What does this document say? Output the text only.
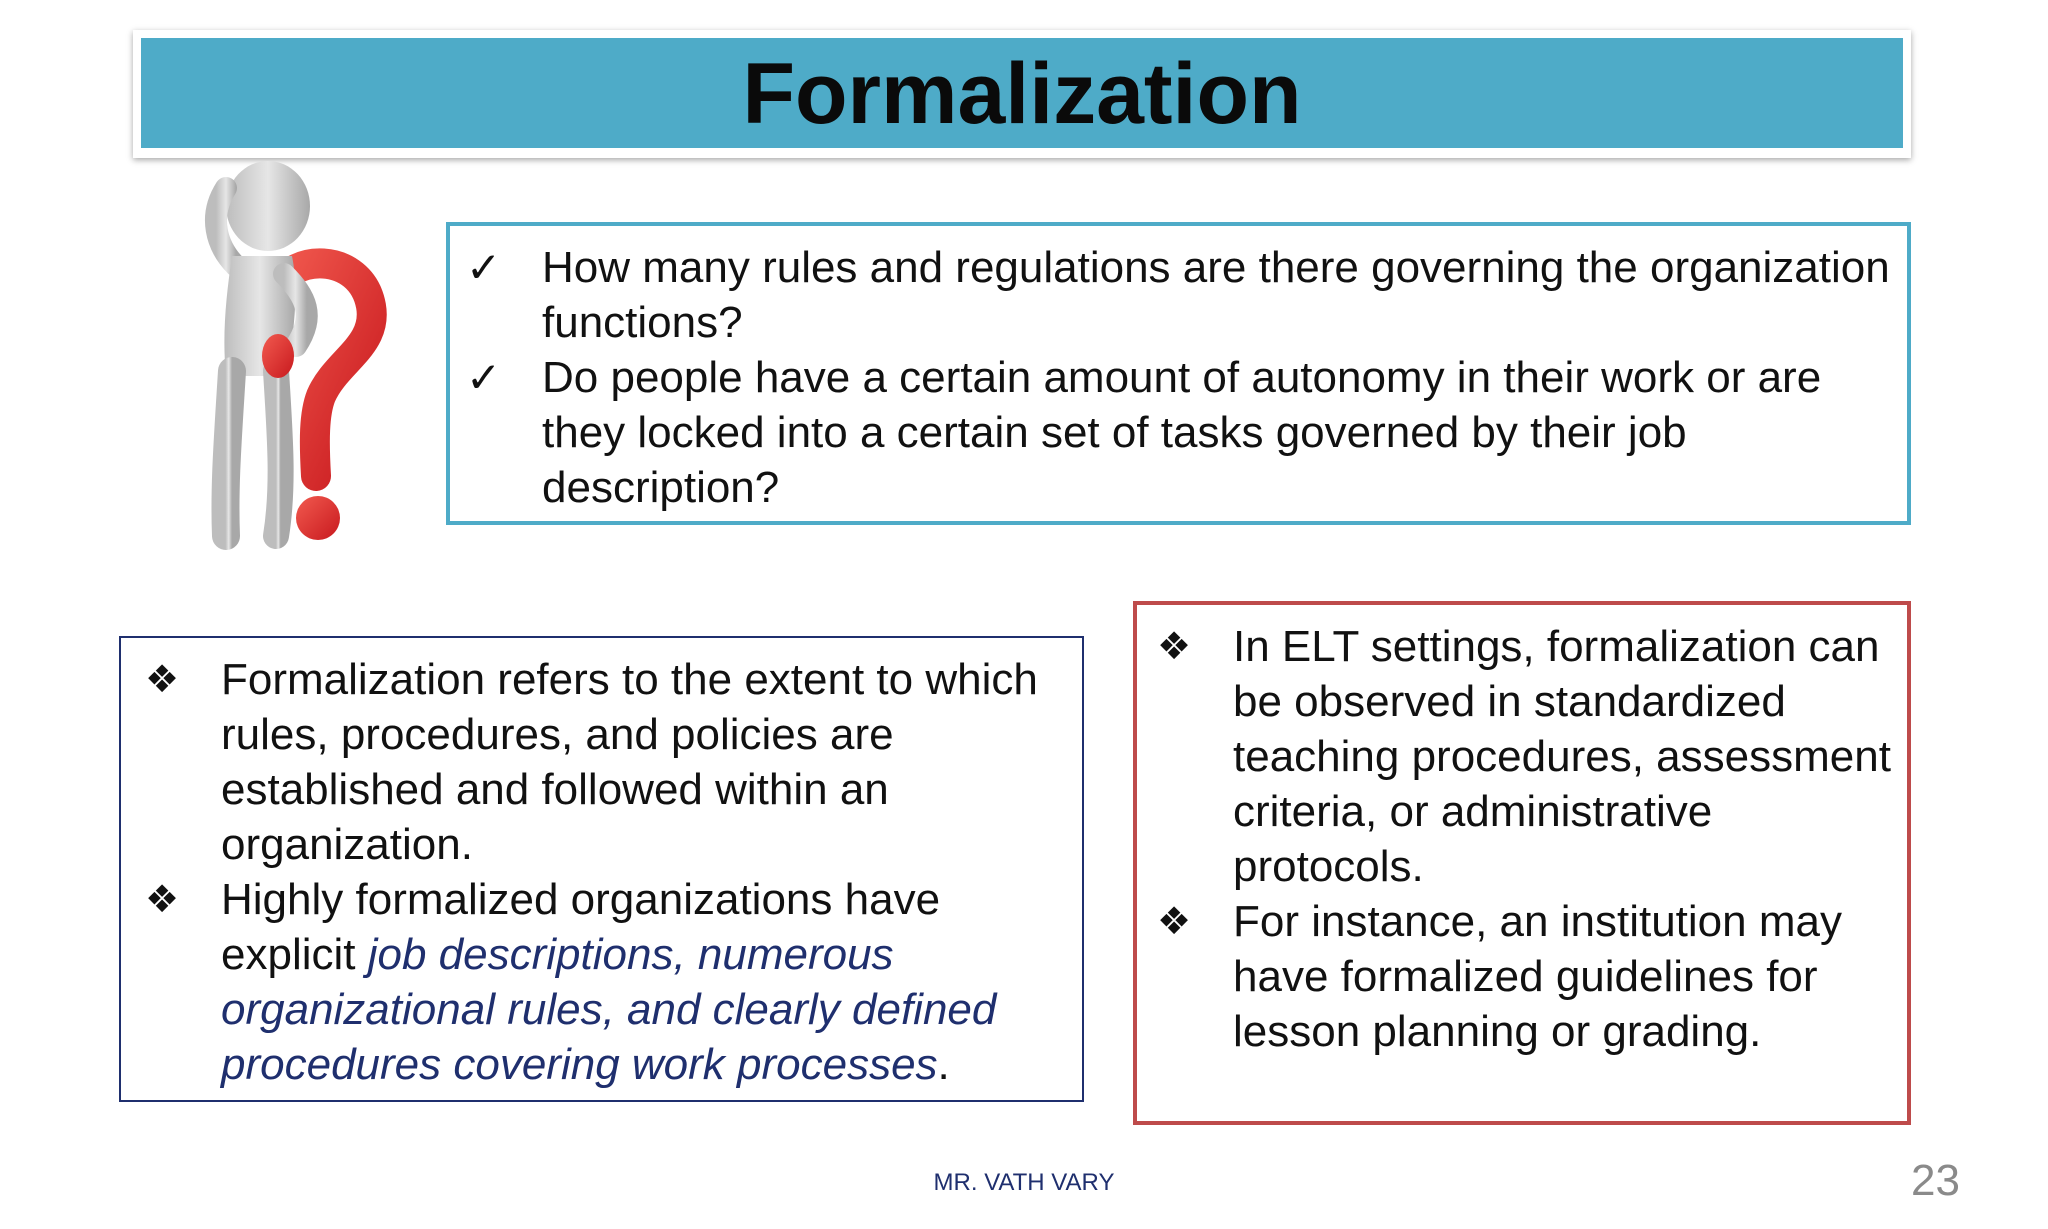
Formalization
✓ How many rules and regulations are there governing the organization functions?
✓ Do people have a certain amount of autonomy in their work or are they locked into a certain set of tasks governed by their job description?
❖ Formalization refers to the extent to which rules, procedures, and policies are established and followed within an organization.
❖ Highly formalized organizations have explicit job descriptions, numerous organizational rules, and clearly defined procedures covering work processes.
❖ In ELT settings, formalization can be observed in standardized teaching procedures, assessment criteria, or administrative protocols.
❖ For instance, an institution may have formalized guidelines for lesson planning or grading.
MR. VATH VARY	23
